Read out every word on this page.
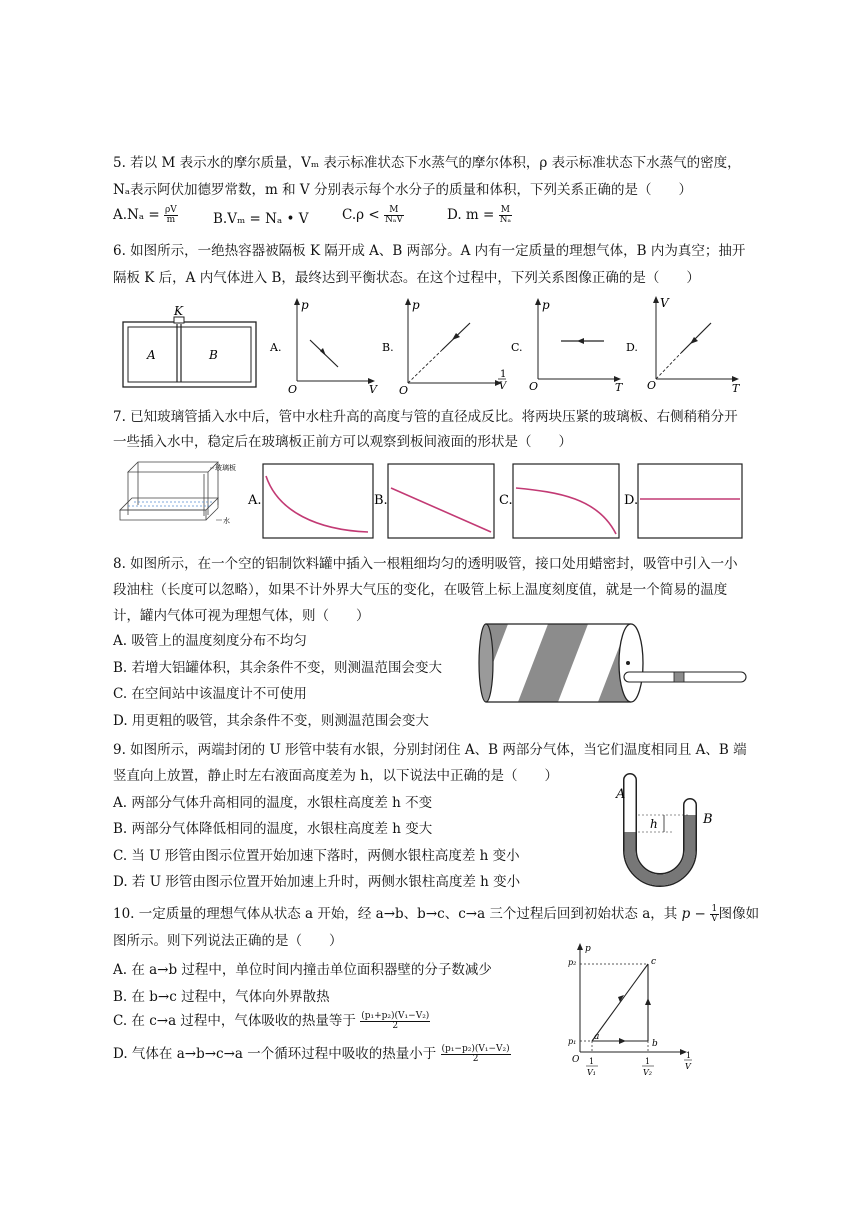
5. 若以 M 表示水的摩尔质量，Vₘ 表示标准状态下水蒸气的摩尔体积，ρ 表示标准状态下水蒸气的密度，
Nₐ表示阿伏加德罗常数，m 和 V 分别表示每个水分子的质量和体积，下列关系正确的是（　　）
$A.N_a = \frac{\rho V}{m}$	B.Vₘ = Nₐ • V $C.\rho < \frac{M}{\text{NₐV}}$	D. $m = \frac{M}{\text{Nₐ}}$
6. 如图所示，一绝热容器被隔板 K 隔开成 A、B 两部分。A 内有一定质量的理想气体，B 内为真空；抽开
隔板 K 后，A 内气体进入 B，最终达到平衡状态。在这个过程中，下列关系图像正确的是（　　）
K
A	B
A.
p
V
O
B.
p
1
V
O
C.
p
T
O
D.
V
T
O
7. 已知玻璃管插入水中后，管中水柱升高的高度与管的直径成反比。将两块压紧的玻璃板、右侧稍稍分开
一些插入水中，稳定后在玻璃板正前方可以观察到板间液面的形状是（　　）
玻璃板
水
A.	B.	C.	D.
8. 如图所示，在一个空的铝制饮料罐中插入一根粗细均匀的透明吸管，接口处用蜡密封，吸管中引入一小
段油柱（长度可以忽略），如果不计外界大气压的变化，在吸管上标上温度刻度值，就是一个简易的温度
计，罐内气体可视为理想气体，则（　　）
A. 吸管上的温度刻度分布不均匀
B. 若增大铝罐体积，其余条件不变，则测温范围会变大
C. 在空间站中该温度计不可使用
D. 用更粗的吸管，其余条件不变，则测温范围会变大
9. 如图所示，两端封闭的 U 形管中装有水银，分别封闭住 A、B 两部分气体，当它们温度相同且 A、B 端
竖直向上放置，静止时左右液面高度差为 h，以下说法中正确的是（　　）
A. 两部分气体升高相同的温度，水银柱高度差 h 不变
B. 两部分气体降低相同的温度，水银柱高度差 h 变大
C. 当 U 形管由图示位置开始加速下落时，两侧水银柱高度差 h 变小
D. 若 U 形管由图示位置开始加速上升时，两侧水银柱高度差 h 变小
A
B
h
10. 一定质量的理想气体从状态 a 开始，经 a→b、b→c、c→a 三个过程后回到初始状态 a，其 $p - \frac{1}{V}$ 图像如
图所示。则下列说法正确的是（　　）
A. 在 a→b 过程中，单位时间内撞击单位面积器壁的分子数减少
B. 在 b→c 过程中，气体向外界散热
C. 在 c→a 过程中，气体吸收的热量等于 $\frac{\text{(p₁+p₂)(V₁−V₂)}}{2}$
D. 气体在 a→b→c→a 一个循环过程中吸收的热量小于 $\frac{\text{(p₁−p₂)(V₁−V₂)}}{2}$
p
p₂
p₁
O
a
b
c
1
V₁
1
V₂
1
V
